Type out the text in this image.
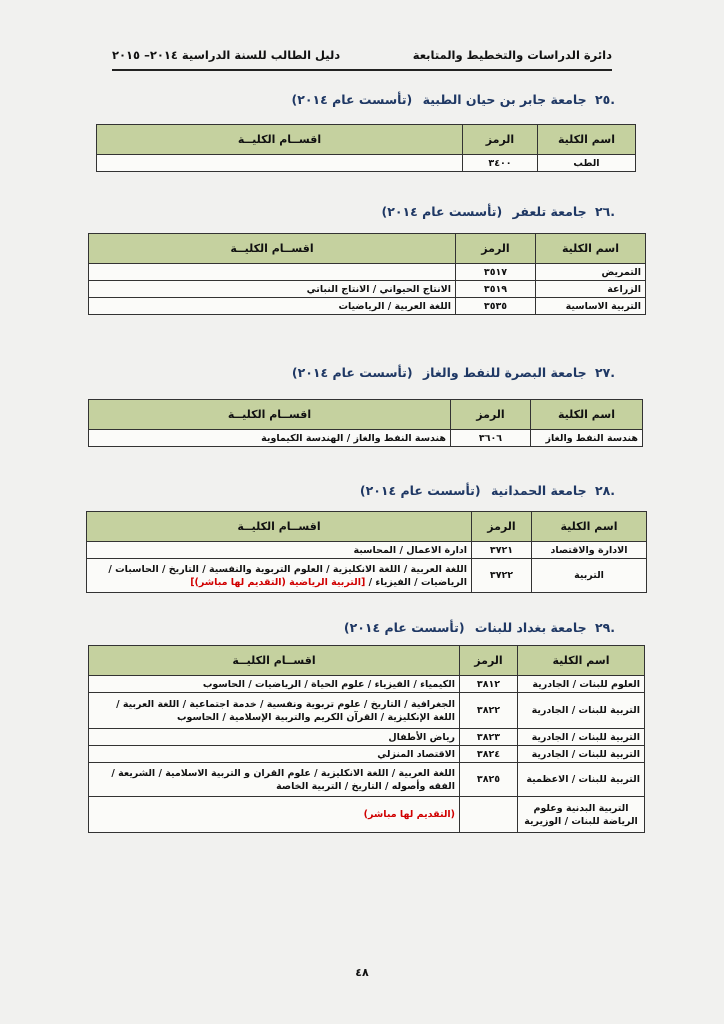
دائرة الدراسات والتخطيط والمتابعة
دليل الطالب للسنة الدراسية ٢٠١٤– ٢٠١٥
.٢٥ جامعة جابر بن حيان الطبية (تأسست عام ٢٠١٤)
اسم الكلية	الرمز	اقســام الكليــة
الطب	٣٤٠٠	
.٢٦ جامعة تلعفر (تأسست عام ٢٠١٤)
اسم الكلية	الرمز	اقســام الكليــة
التمريض	٣٥١٧	
الزراعة	٣٥١٩	الانتاج الحيواني / الانتاج النباتي
التربية الاساسية	٣٥٣٥	اللغة العربية / الرياضيات
.٢٧ جامعة البصرة للنفط والغاز (تأسست عام ٢٠١٤)
اسم الكلية	الرمز	اقســام الكليــة
هندسة النفط والغاز	٣٦٠٦	هندسة النفط والغاز / الهندسة الكيماوية
.٢٨ جامعة الحمدانية (تأسست عام ٢٠١٤)
اسم الكلية	الرمز	اقســام الكليــة
الادارة والاقتصاد	٣٧٢١	ادارة الاعمال / المحاسبة
التربية	٣٧٢٢	اللغة العربية / اللغة الانكليزية / العلوم التربوية والنفسية / التاريخ / الحاسبات / الرياضيات / الفيزياء / [التربية الرياضية (التقديم لها مباشر)]
.٢٩ جامعة بغداد للبنات (تأسست عام ٢٠١٤)
اسم الكلية	الرمز	اقســام الكليــة
العلوم للبنات / الجادرية	٣٨١٢	الكيمياء / الفيزياء / علوم الحياة / الرياضيات / الحاسوب
التربية للبنات / الجادرية	٣٨٢٢	الجغرافية / التاريخ / علوم تربوية ونفسية / خدمة اجتماعية / اللغة العربية / اللغة الإنكليزية / القرآن الكريم والتربية الإسلامية / الحاسوب
التربية للبنات / الجادرية	٣٨٢٣	رياض الأطفال
التربية للبنات / الجادرية	٣٨٢٤	الاقتصاد المنزلي
التربية للبنات / الاعظمية	٣٨٢٥	اللغة العربية / اللغة الانكليزية / علوم القران و التربية الاسلامية / الشريعة / الفقه وأصوله / التاريخ / التربية الخاصة
التربية البدنية وعلوم الرياضة للبنات / الوزيرية		(التقديم لها مباشر)
٤٨
